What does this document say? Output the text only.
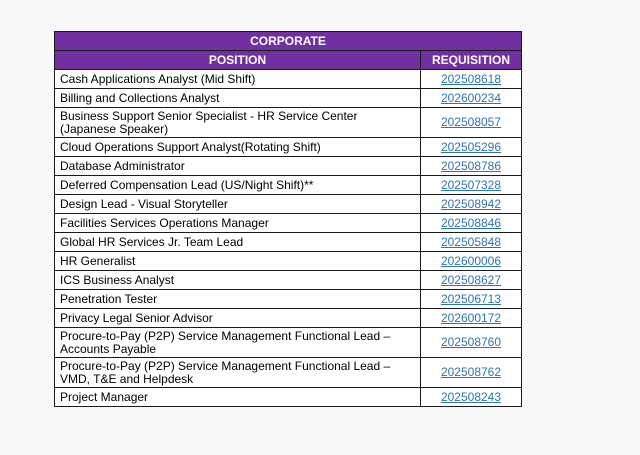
CORPORATE	
POSITION	REQUISITION
Cash Applications Analyst (Mid Shift)	202508618
Billing and Collections Analyst	202600234
Business Support Senior Specialist - HR Service Center (Japanese Speaker)	202508057
Cloud Operations Support Analyst(Rotating Shift)	202505296
Database Administrator	202508786
Deferred Compensation Lead (US/Night Shift)**	202507328
Design Lead - Visual Storyteller	202508942
Facilities Services Operations Manager	202508846
Global HR Services Jr. Team Lead	202505848
HR Generalist	202600006
ICS Business Analyst	202508627
Penetration Tester	202506713
Privacy Legal Senior Advisor	202600172
Procure-to-Pay (P2P) Service Management Functional Lead – Accounts Payable	202508760
Procure-to-Pay (P2P) Service Management Functional Lead – VMD, T&E and Helpdesk	202508762
Project Manager	202508243
